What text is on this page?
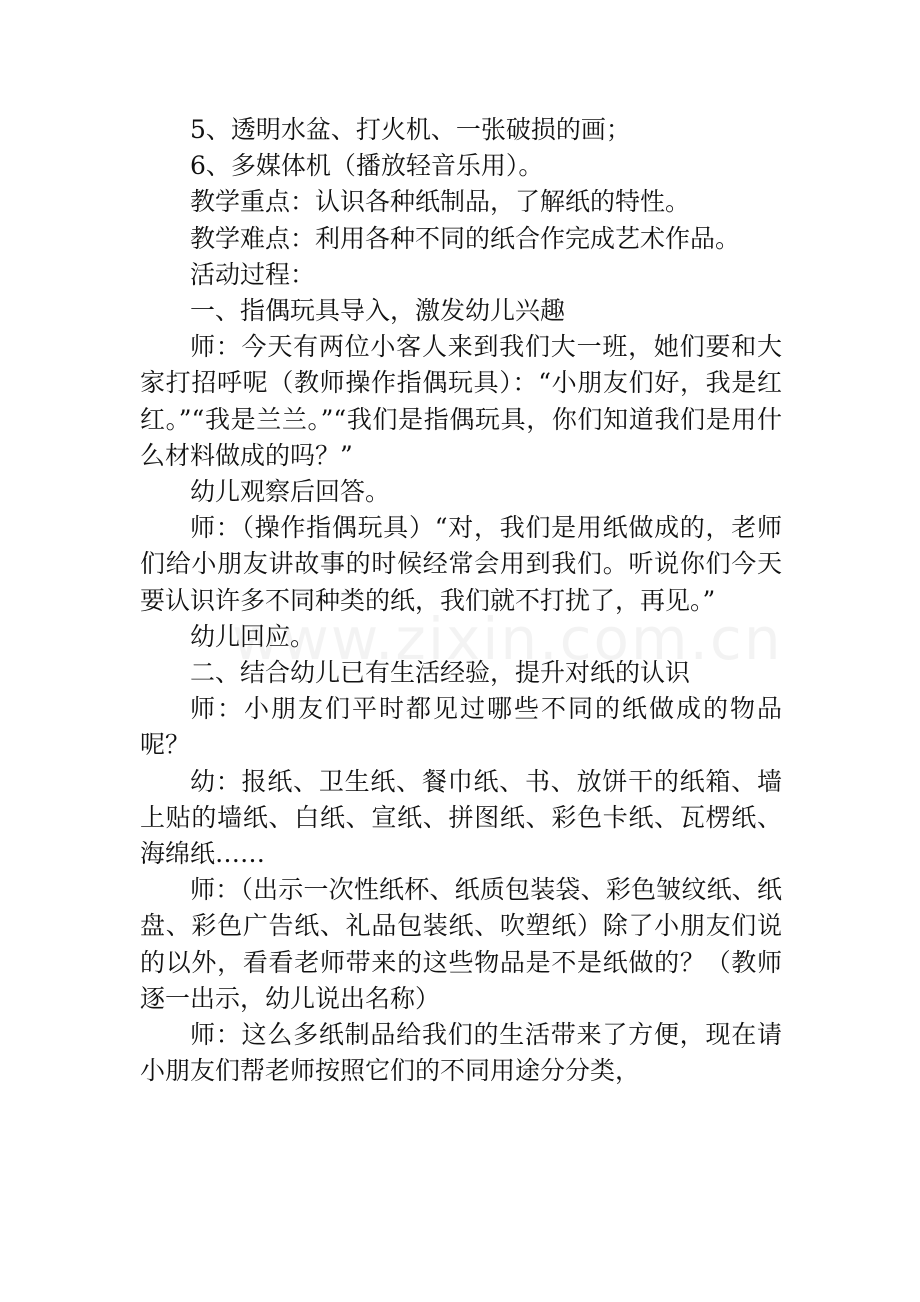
5、透明水盆、打火机、一张破损的画；

6、多媒体机（播放轻音乐用）。

教学重点：认识各种纸制品，了解纸的特性。

教学难点：利用各种不同的纸合作完成艺术作品。

活动过程：

一、指偶玩具导入，激发幼儿兴趣

师：今天有两位小客人来到我们大一班，她们要和大家打招呼呢（教师操作指偶玩具）：“小朋友们好，我是红红。”“我是兰兰。”“我们是指偶玩具，你们知道我们是用什么材料做成的吗？”

幼儿观察后回答。

师：（操作指偶玩具）“对，我们是用纸做成的，老师们给小朋友讲故事的时候经常会用到我们。听说你们今天要认识许多不同种类的纸，我们就不打扰了，再见。”

幼儿回应。

二、结合幼儿已有生活经验，提升对纸的认识

师：小朋友们平时都见过哪些不同的纸做成的物品呢？

幼：报纸、卫生纸、餐巾纸、书、放饼干的纸箱、墙上贴的墙纸、白纸、宣纸、拼图纸、彩色卡纸、瓦楞纸、海绵纸……

师：（出示一次性纸杯、纸质包装袋、彩色皱纹纸、纸盘、彩色广告纸、礼品包装纸、吹塑纸）除了小朋友们说的以外，看看老师带来的这些物品是不是纸做的？（教师逐一出示，幼儿说出名称）

师：这么多纸制品给我们的生活带来了方便，现在请小朋友们帮老师按照它们的不同用途分分类，
